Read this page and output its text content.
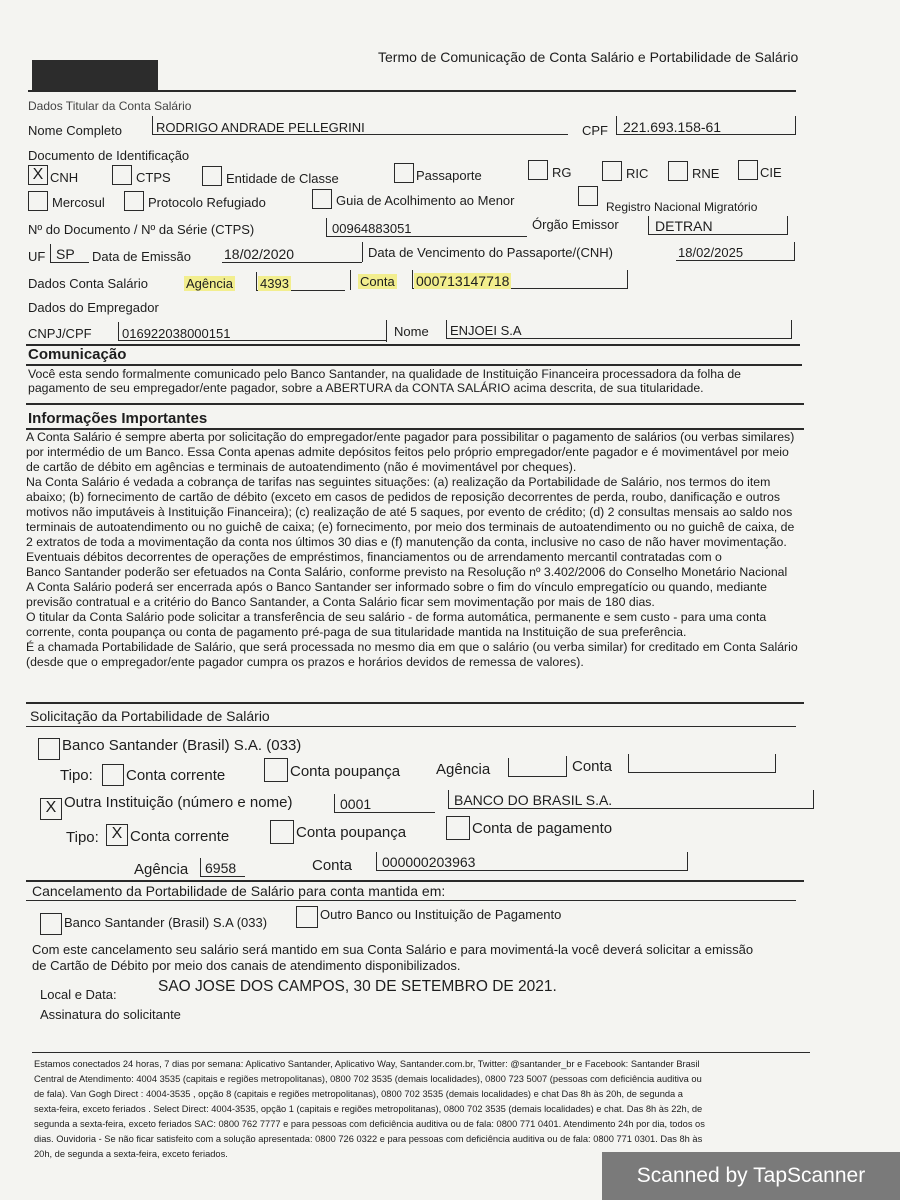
Termo de Comunicação de Conta Salário e Portabilidade de Salário
Dados Titular da Conta Salário
Nome Completo	RODRIGO ANDRADE PELLEGRINI	CPF 221.693.158-61
Documento de Identificação
X CNH	CTPS	Entidade de Classe	Passaporte	RG	RIC	RNE	CIE
Mercosul	Protocolo Refugiado	Guia de Acolhimento ao Menor	Registro Nacional Migratório
Nº do Documento / Nº da Série (CTPS)	00964883051	Órgão Emissor	DETRAN
UF SP Data de Emissão 18/02/2020	Data de Vencimento do Passaporte/(CNH)	18/02/2025
Dados Conta Salário	Agência 4393	Conta 000713147718
Dados do Empregador
CNPJ/CPF 016922038000151	Nome ENJOEI S.A
Comunicação
Você esta sendo formalmente comunicado pelo Banco Santander, na qualidade de Instituição Financeira processadora da folha de
pagamento de seu empregador/ente pagador, sobre a ABERTURA da CONTA SALÁRIO acima descrita, de sua titularidade.
Informações Importantes
A Conta Salário é sempre aberta por solicitação do empregador/ente pagador para possibilitar o pagamento de salários (ou verbas similares)
por intermédio de um Banco. Essa Conta apenas admite depósitos feitos pelo próprio empregador/ente pagador e é movimentável por meio
de cartão de débito em agências e terminais de autoatendimento (não é movimentável por cheques).
Na Conta Salário é vedada a cobrança de tarifas nas seguintes situações: (a) realização da Portabilidade de Salário, nos termos do item
abaixo; (b) fornecimento de cartão de débito (exceto em casos de pedidos de reposição decorrentes de perda, roubo, danificação e outros
motivos não imputáveis à Instituição Financeira); (c) realização de até 5 saques, por evento de crédito; (d) 2 consultas mensais ao saldo nos
terminais de autoatendimento ou no guichê de caixa; (e) fornecimento, por meio dos terminais de autoatendimento ou no guichê de caixa, de
2 extratos de toda a movimentação da conta nos últimos 30 dias e (f) manutenção da conta, inclusive no caso de não haver movimentação.
Eventuais débitos decorrentes de operações de empréstimos, financiamentos ou de arrendamento mercantil contratadas com o
Banco Santander poderão ser efetuados na Conta Salário, conforme previsto na Resolução nº 3.402/2006 do Conselho Monetário Nacional
A Conta Salário poderá ser encerrada após o Banco Santander ser informado sobre o fim do vínculo empregatício ou quando, mediante
previsão contratual e a critério do Banco Santander, a Conta Salário ficar sem movimentação por mais de 180 dias.
O titular da Conta Salário pode solicitar a transferência de seu salário - de forma automática, permanente e sem custo - para uma conta
corrente, conta poupança ou conta de pagamento pré-paga de sua titularidade mantida na Instituição de sua preferência.
É a chamada Portabilidade de Salário, que será processada no mesmo dia em que o salário (ou verba similar) for creditado em Conta Salário
(desde que o empregador/ente pagador cumpra os prazos e horários devidos de remessa de valores).
Solicitação da Portabilidade de Salário
Banco Santander (Brasil) S.A. (033)
Tipo: Conta corrente	Conta poupança Agência	Conta
X Outra Instituição (número e nome)	0001	BANCO DO BRASIL S.A.
Tipo: X Conta corrente	Conta poupança	Conta de pagamento
Agência 6958	Conta 000000203963
Cancelamento da Portabilidade de Salário para conta mantida em:
Banco Santander (Brasil) S.A (033)
Outro Banco ou Instituição de Pagamento
Com este cancelamento seu salário será mantido em sua Conta Salário e para movimentá-la você deverá solicitar a emissão
de Cartão de Débito por meio dos canais de atendimento disponibilizados.
Local e Data:	SAO JOSE DOS CAMPOS, 30 DE SETEMBRO DE 2021.
Assinatura do solicitante
Estamos conectados 24 horas, 7 dias por semana: Aplicativo Santander, Aplicativo Way, Santander.com.br, Twitter: @santander_br e Facebook: Santander Brasil
Central de Atendimento: 4004 3535 (capitais e regiões metropolitanas), 0800 702 3535 (demais localidades), 0800 723 5007 (pessoas com deficiência auditiva ou
de fala). Van Gogh Direct : 4004-3535 , opção 8 (capitais e regiões metropolitanas), 0800 702 3535 (demais localidades) e chat Das 8h às 20h, de segunda a
sexta-feira, exceto feriados . Select Direct: 4004-3535, opção 1 (capitais e regiões metropolitanas), 0800 702 3535 (demais localidades) e chat. Das 8h às 22h, de
segunda a sexta-feira, exceto feriados SAC: 0800 762 7777 e para pessoas com deficiência auditiva ou de fala: 0800 771 0401. Atendimento 24h por dia, todos os
dias. Ouvidoria - Se não ficar satisfeito com a solução apresentada: 0800 726 0322 e para pessoas com deficiência auditiva ou de fala: 0800 771 0301. Das 8h às
20h, de segunda a sexta-feira, exceto feriados.
Scanned by TapScanner
